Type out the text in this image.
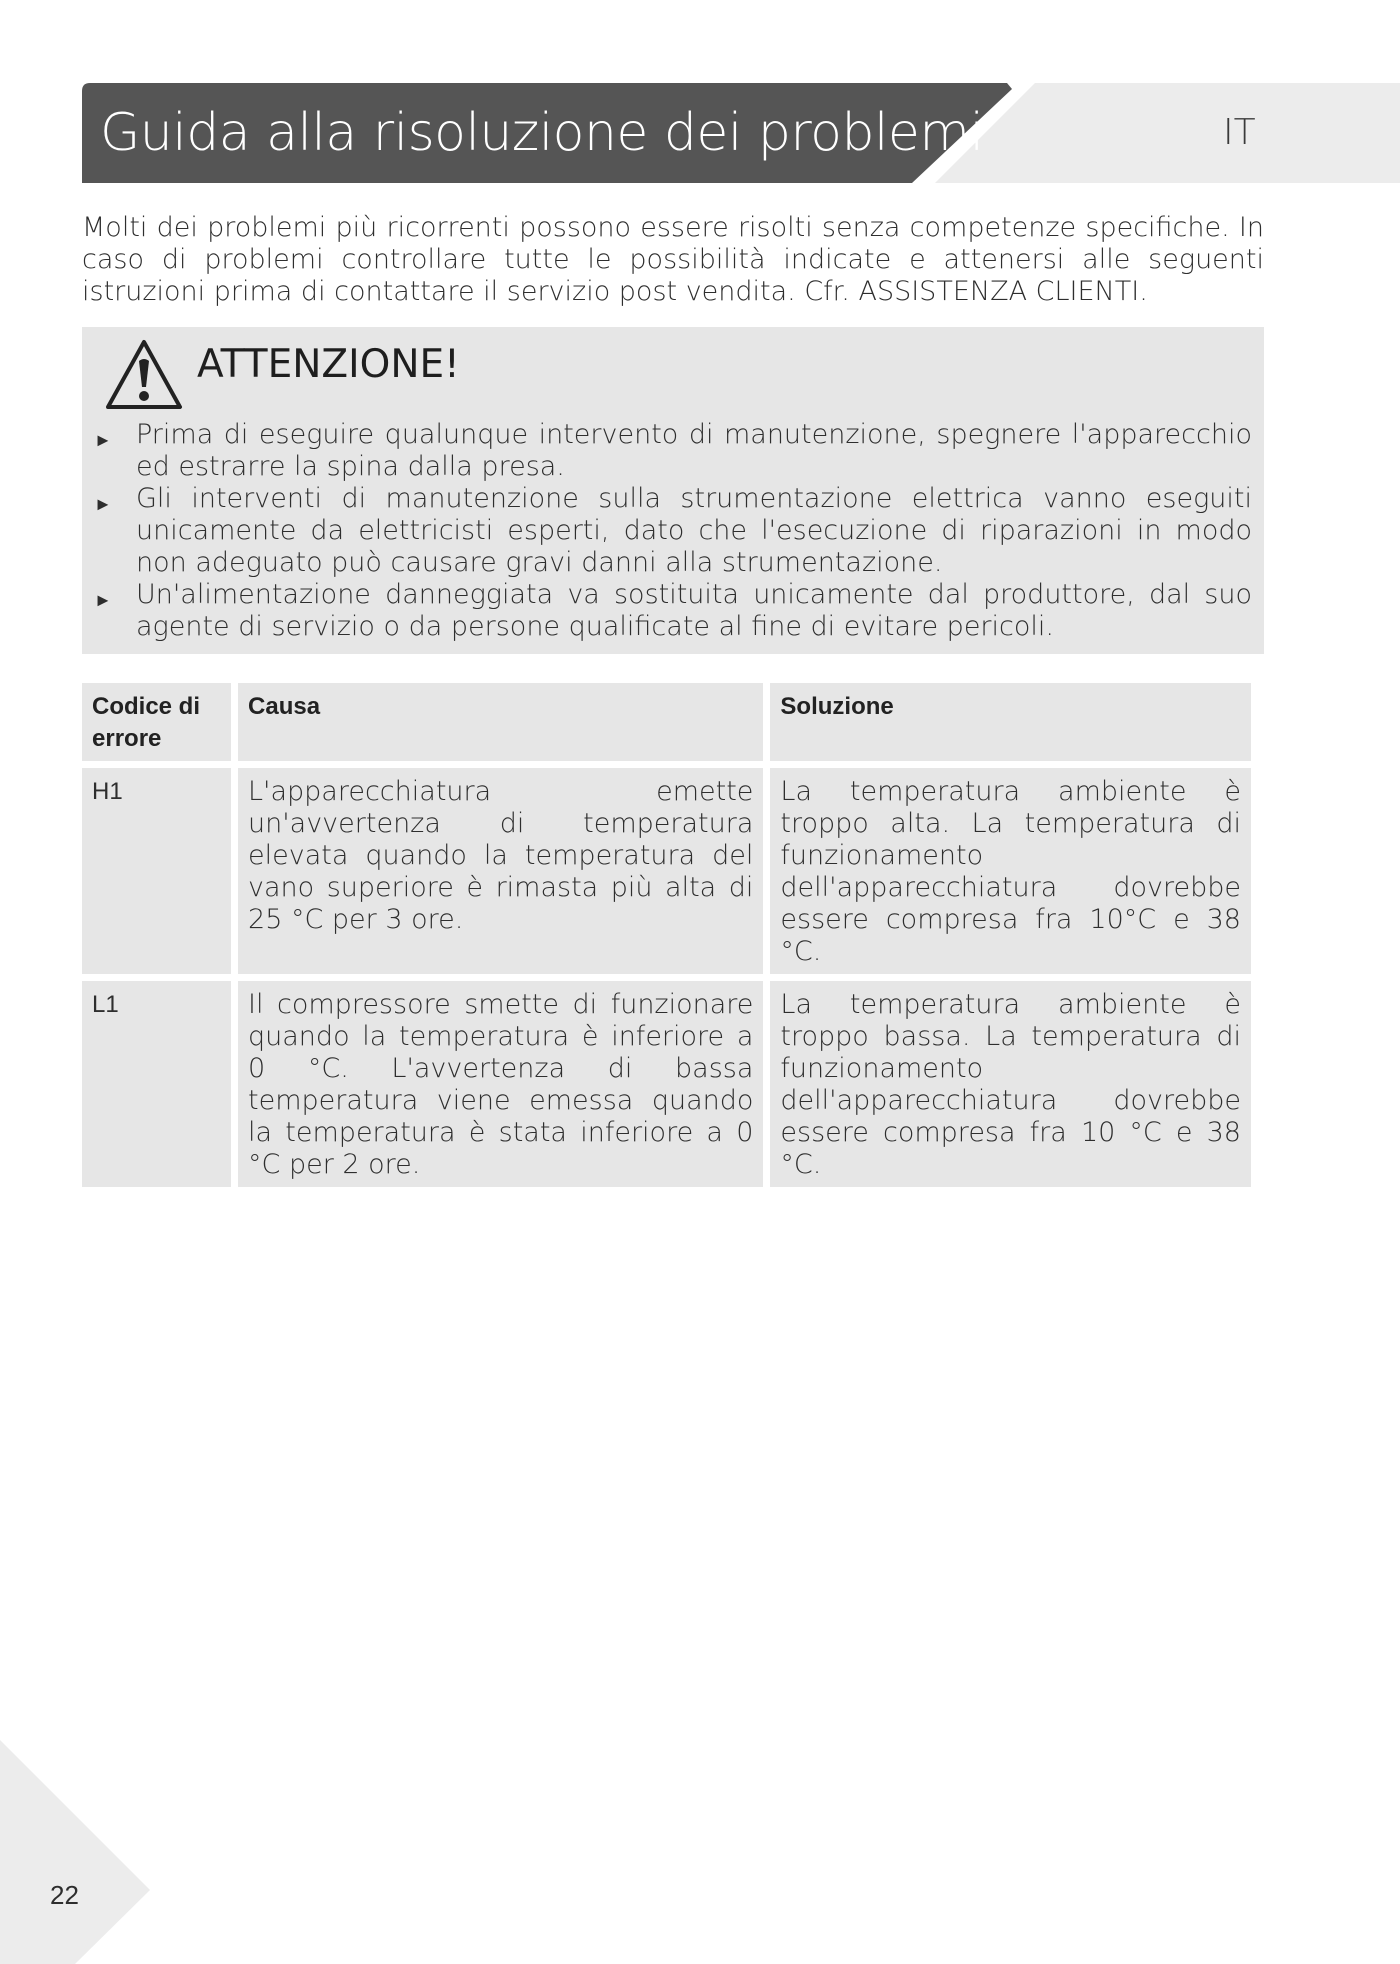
Guida alla risoluzione dei problemi	IT

Molti dei problemi più ricorrenti possono essere risolti senza competenze specifiche. In caso di problemi controllare tutte le possibilità indicate e attenersi alle seguenti istruzioni prima di contattare il servizio post vendita. Cfr. ASSISTENZA CLIENTI.

ATTENZIONE!
► Prima di eseguire qualunque intervento di manutenzione, spegnere l'apparecchio ed estrarre la spina dalla presa.
► Gli interventi di manutenzione sulla strumentazione elettrica vanno eseguiti unicamente da elettricisti esperti, dato che l'esecuzione di riparazioni in modo non adeguato può causare gravi danni alla strumentazione.
► Un'alimentazione danneggiata va sostituita unicamente dal produttore, dal suo agente di servizio o da persone qualificate al fine di evitare pericoli.
Codice di errore	Causa	Soluzione
H1	L'apparecchiatura emette un'avvertenza di temperatura elevata quando la temperatura del vano superiore è rimasta più alta di 25 °C per 3 ore.	La temperatura ambiente è troppo alta. La temperatura di funzionamento dell'apparecchiatura dovrebbe essere compresa fra 10°C e 38 °C.
L1	Il compressore smette di funzionare quando la temperatura è inferiore a 0 °C. L'avvertenza di bassa temperatura viene emessa quando la temperatura è stata inferiore a 0 °C per 2 ore.	La temperatura ambiente è troppo bassa. La temperatura di funzionamento dell'apparecchiatura dovrebbe essere compresa fra 10 °C e 38 °C.
22
